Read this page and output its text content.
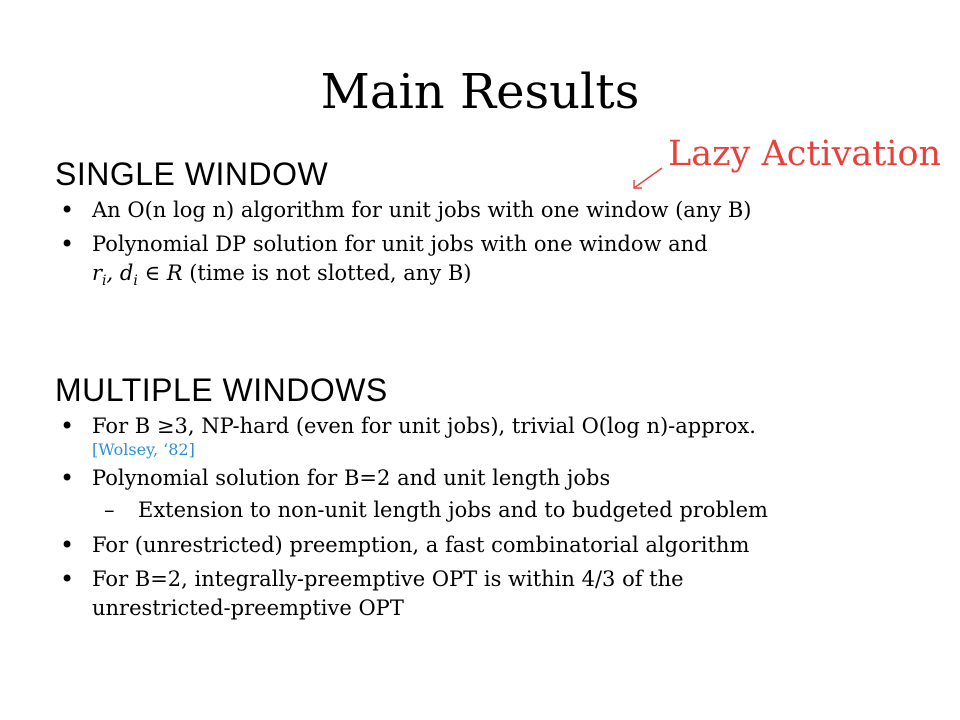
Main Results
Lazy Activation
SINGLE WINDOW
• An O(n log n) algorithm for unit jobs with one window (any B)
• Polynomial DP solution for unit jobs with one window and
$r_i$, $d_i$ ∈ R (time is not slotted, any B)
MULTIPLE WINDOWS
• For B ≥3, NP-hard (even for unit jobs), trivial O(log n)-approx.
[Wolsey, ‘82]
• Polynomial solution for B=2 and unit length jobs
– Extension to non-unit length jobs and to budgeted problem
• For (unrestricted) preemption, a fast combinatorial algorithm
• For B=2, integrally-preemptive OPT is within 4/3 of the
unrestricted-preemptive OPT
